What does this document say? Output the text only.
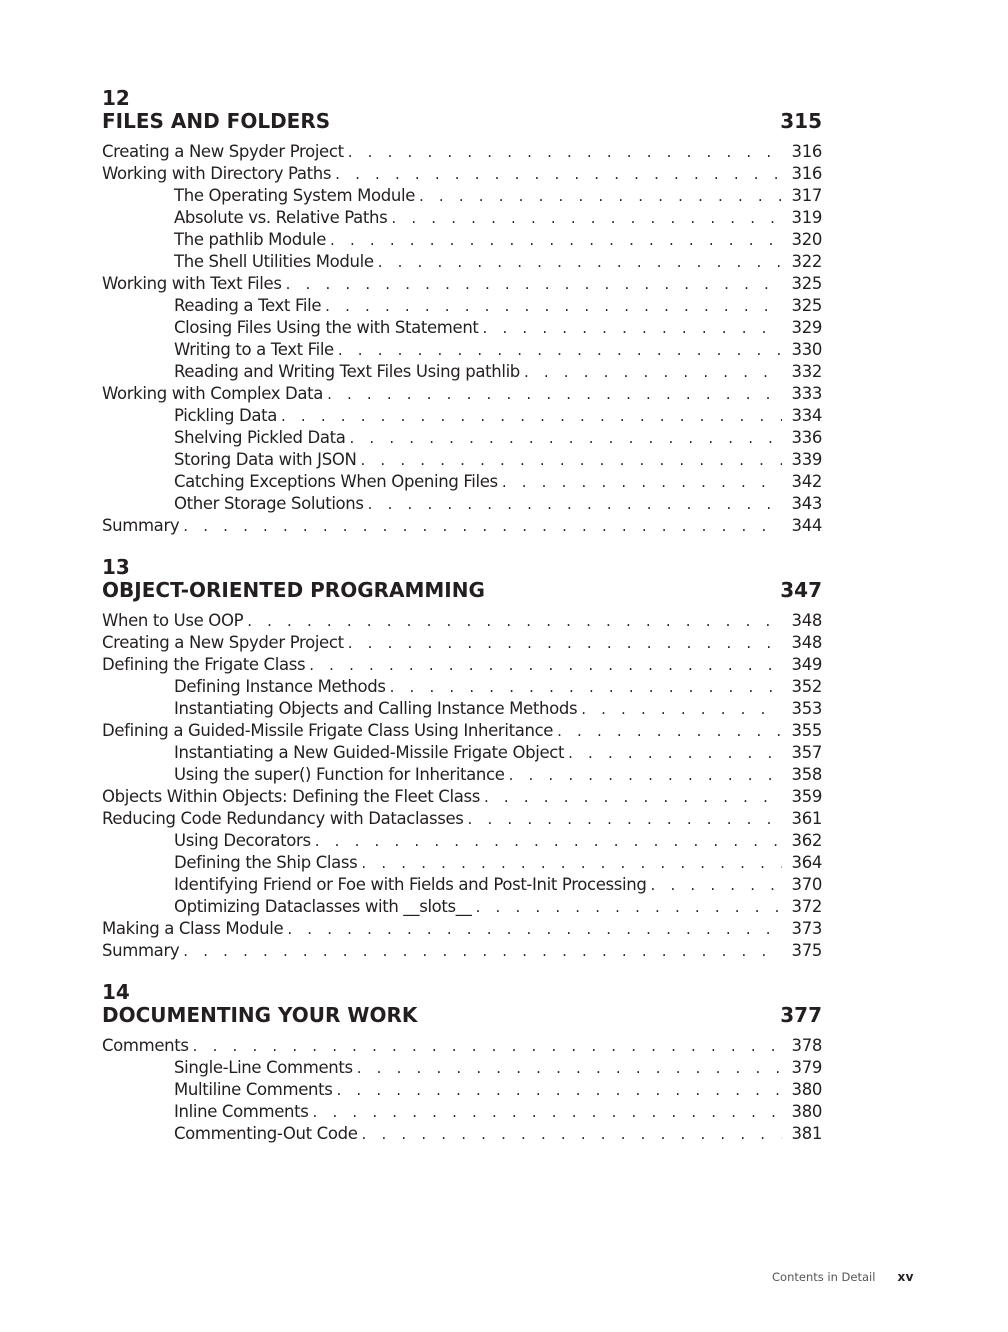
12
FILES AND FOLDERS	315
Creating a New Spyder Project . . .	316
Working with Directory Paths . . .	316
The Operating System Module . . .	317
Absolute vs. Relative Paths . . .	319
The pathlib Module . . .	320
The Shell Utilities Module . . .	322
Working with Text Files . . .	325
Reading a Text File . . .	325
Closing Files Using the with Statement . . .	329
Writing to a Text File . . .	330
Reading and Writing Text Files Using pathlib . . .	332
Working with Complex Data . . .	333
Pickling Data . . .	334
Shelving Pickled Data . . .	336
Storing Data with JSON . . .	339
Catching Exceptions When Opening Files . . .	342
Other Storage Solutions . . .	343
Summary . . .	344
13
OBJECT-ORIENTED PROGRAMMING	347
When to Use OOP . . .	348
Creating a New Spyder Project . . .	348
Defining the Frigate Class . . .	349
Defining Instance Methods . . .	352
Instantiating Objects and Calling Instance Methods . . .	353
Defining a Guided-Missile Frigate Class Using Inheritance . . .	355
Instantiating a New Guided-Missile Frigate Object . . .	357
Using the super() Function for Inheritance . . .	358
Objects Within Objects: Defining the Fleet Class . . .	359
Reducing Code Redundancy with Dataclasses . . .	361
Using Decorators . . .	362
Defining the Ship Class . . .	364
Identifying Friend or Foe with Fields and Post-Init Processing . . .	370
Optimizing Dataclasses with __slots__ . . .	372
Making a Class Module . . .	373
Summary . . .	375
14
DOCUMENTING YOUR WORK	377
Comments . . .	378
Single-Line Comments . . .	379
Multiline Comments . . .	380
Inline Comments . . .	380
Commenting-Out Code . . .	381
Contents in Detail xv
